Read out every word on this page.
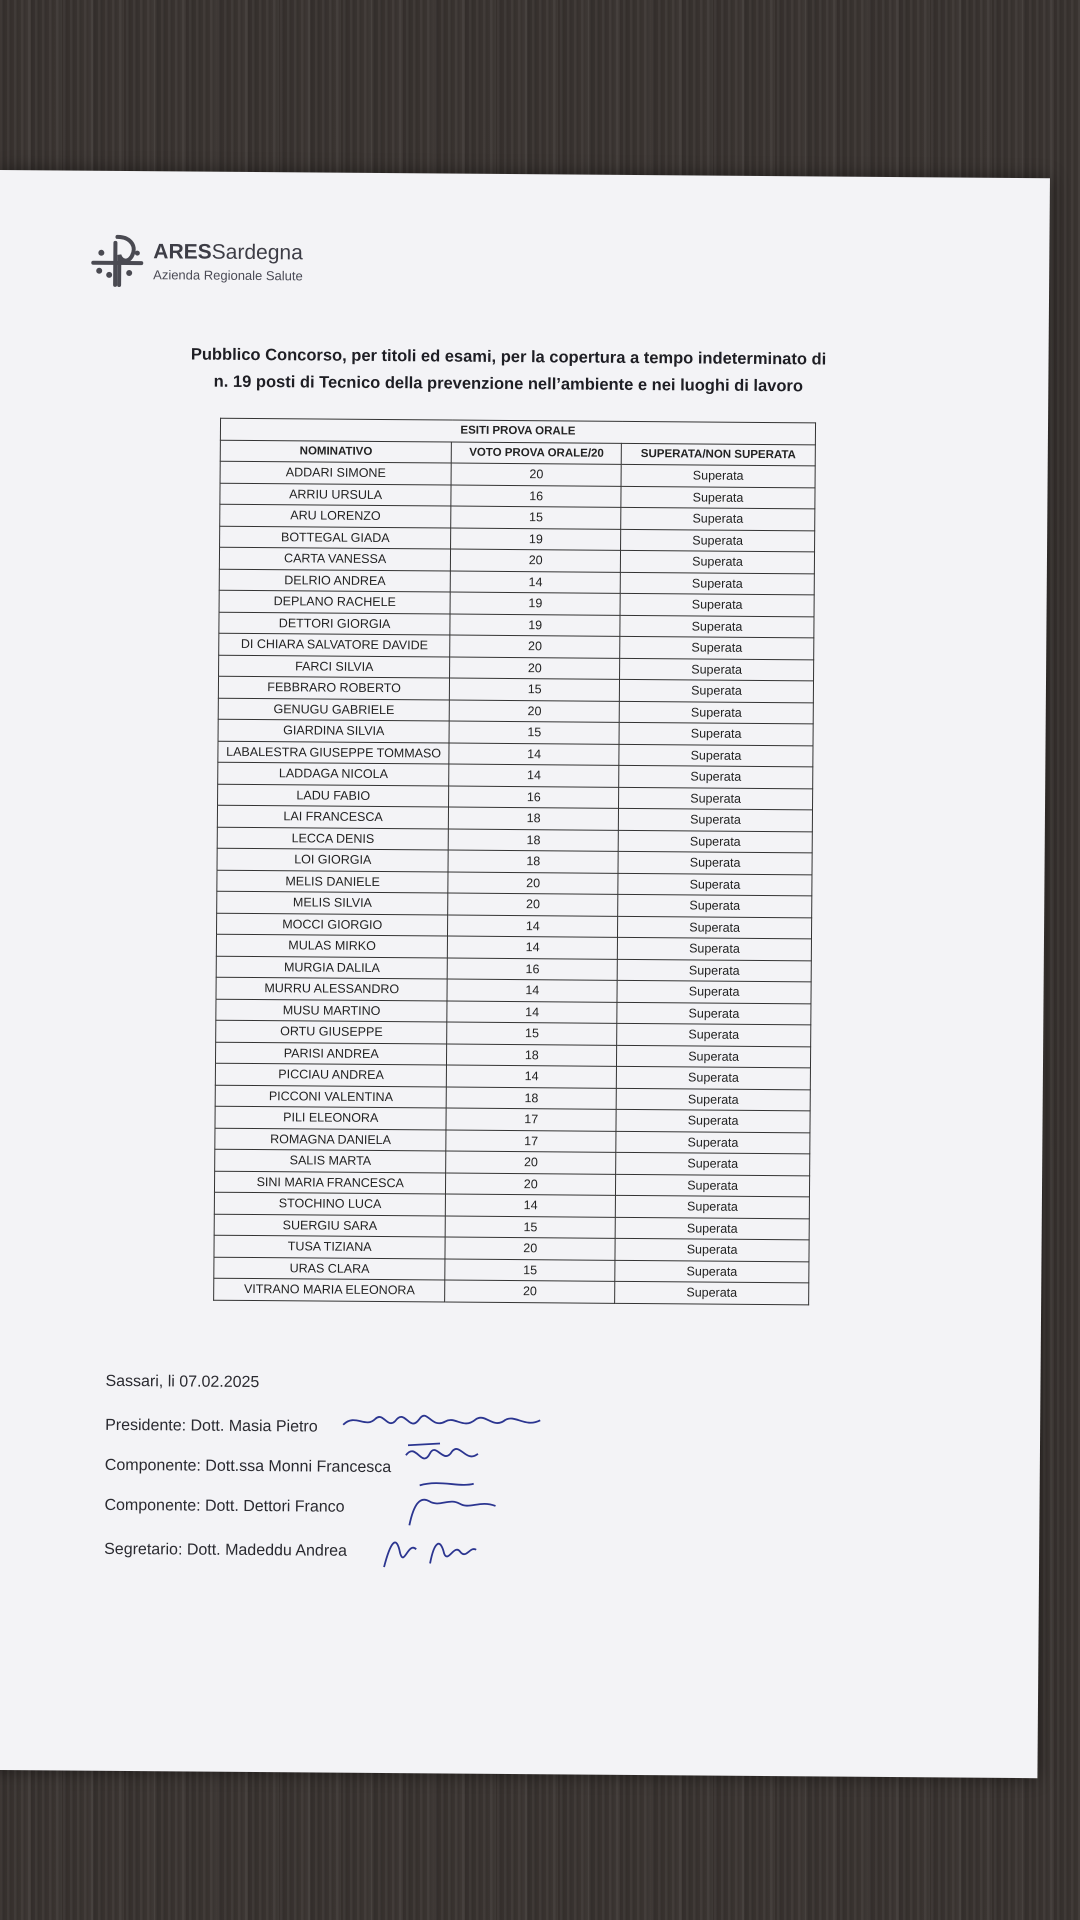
ARESSardegna
Azienda Regionale Salute
Pubblico Concorso, per titoli ed esami, per la copertura a tempo indeterminato di
n. 19 posti di Tecnico della prevenzione nell’ambiente e nei luoghi di lavoro
ESITI PROVA ORALE		
NOMINATIVO	VOTO PROVA ORALE/20	SUPERATA/NON SUPERATA
ADDARI SIMONE	20	Superata
ARRIU URSULA	16	Superata
ARU LORENZO	15	Superata
BOTTEGAL GIADA	19	Superata
CARTA VANESSA	20	Superata
DELRIO ANDREA	14	Superata
DEPLANO RACHELE	19	Superata
DETTORI GIORGIA	19	Superata
DI CHIARA SALVATORE DAVIDE	20	Superata
FARCI SILVIA	20	Superata
FEBBRARO ROBERTO	15	Superata
GENUGU GABRIELE	20	Superata
GIARDINA SILVIA	15	Superata
LABALESTRA GIUSEPPE TOMMASO	14	Superata
LADDAGA NICOLA	14	Superata
LADU FABIO	16	Superata
LAI FRANCESCA	18	Superata
LECCA DENIS	18	Superata
LOI GIORGIA	18	Superata
MELIS DANIELE	20	Superata
MELIS SILVIA	20	Superata
MOCCI GIORGIO	14	Superata
MULAS MIRKO	14	Superata
MURGIA DALILA	16	Superata
MURRU ALESSANDRO	14	Superata
MUSU MARTINO	14	Superata
ORTU GIUSEPPE	15	Superata
PARISI ANDREA	18	Superata
PICCIAU ANDREA	14	Superata
PICCONI VALENTINA	18	Superata
PILI ELEONORA	17	Superata
ROMAGNA DANIELA	17	Superata
SALIS MARTA	20	Superata
SINI MARIA FRANCESCA	20	Superata
STOCHINO LUCA	14	Superata
SUERGIU SARA	15	Superata
TUSA TIZIANA	20	Superata
URAS CLARA	15	Superata
VITRANO MARIA ELEONORA	20	Superata
Sassari, li 07.02.2025
Presidente: Dott. Masia Pietro
Componente: Dott.ssa Monni Francesca
Componente: Dott. Dettori Franco
Segretario: Dott. Madeddu Andrea
